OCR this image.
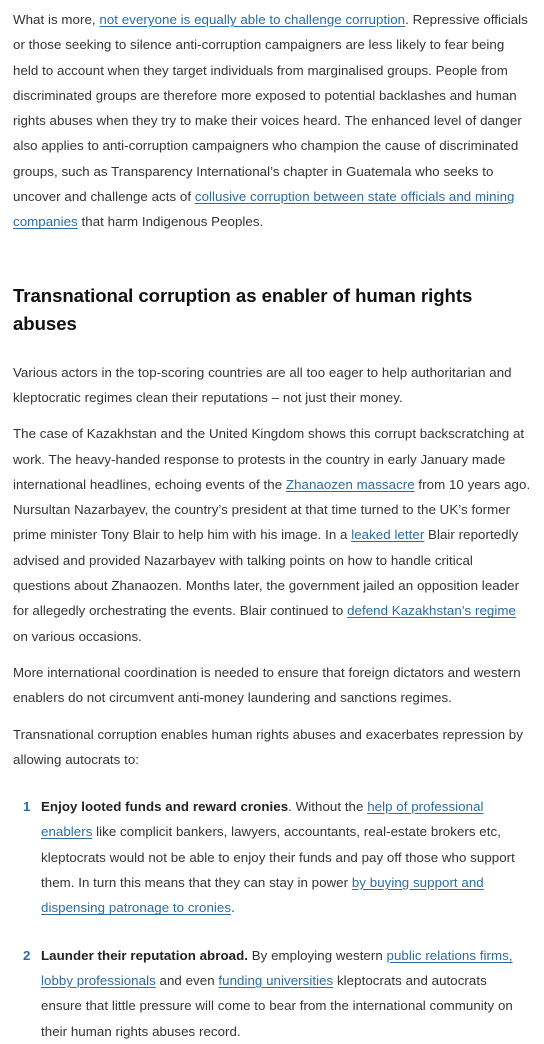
What is more, not everyone is equally able to challenge corruption. Repressive officials or those seeking to silence anti-corruption campaigners are less likely to fear being held to account when they target individuals from marginalised groups. People from discriminated groups are therefore more exposed to potential backlashes and human rights abuses when they try to make their voices heard. The enhanced level of danger also applies to anti-corruption campaigners who champion the cause of discriminated groups, such as Transparency International’s chapter in Guatemala who seeks to uncover and challenge acts of collusive corruption between state officials and mining companies that harm Indigenous Peoples.

Transnational corruption as enabler of human rights abuses

Various actors in the top-scoring countries are all too eager to help authoritarian and kleptocratic regimes clean their reputations – not just their money.

The case of Kazakhstan and the United Kingdom shows this corrupt backscratching at work. The heavy-handed response to protests in the country in early January made international headlines, echoing events of the Zhanaozen massacre from 10 years ago. Nursultan Nazarbayev, the country’s president at that time turned to the UK’s former prime minister Tony Blair to help him with his image. In a leaked letter Blair reportedly advised and provided Nazarbayev with talking points on how to handle critical questions about Zhanaozen. Months later, the government jailed an opposition leader for allegedly orchestrating the events. Blair continued to defend Kazakhstan’s regime on various occasions.

More international coordination is needed to ensure that foreign dictators and western enablers do not circumvent anti-money laundering and sanctions regimes.

Transnational corruption enables human rights abuses and exacerbates repression by allowing autocrats to:

1 Enjoy looted funds and reward cronies. Without the help of professional enablers like complicit bankers, lawyers, accountants, real-estate brokers etc, kleptocrats would not be able to enjoy their funds and pay off those who support them. In turn this means that they can stay in power by buying support and dispensing patronage to cronies.

2 Launder their reputation abroad. By employing western public relations firms, lobby professionals and even funding universities kleptocrats and autocrats ensure that little pressure will come to bear from the international community on their human rights abuses record.
